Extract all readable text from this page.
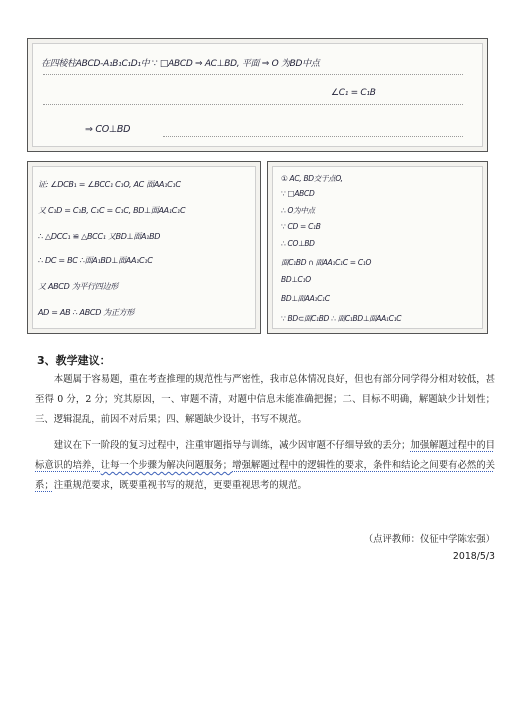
在四棱柱ABCD-A₁B₁C₁D₁中 ∵ □ABCD ⇒ AC⊥BD, 平面 ⇒ O 为BD中点
∠C₁ = C₁B
⇒ CO⊥BD
证: ∠DCB₁ = ∠BCC₁ C₁O, AC 面AA₁C₁C
又 C₁D = C₁B, C₁C = C₁C, BD⊥面AA₁C₁C
∴ △DCC₁ ≌ △BCC₁ 又BD⊥面A₁BD
∴ DC = BC ∴面A₁BD⊥面AA₁C₁C
又 ABCD 为平行四边形
AD = AB ∴ ABCD 为正方形
① AC, BD交于点O,
∵ □ABCD
∴ O为中点
∵ CD = C₁B
∴ CO⊥BD
面C₁BD ∩ 面AA₁C₁C = C₁O
BD⊥C₁O
BD⊥面AA₁C₁C
∵ BD⊂面C₁BD ∴ 面C₁BD⊥面AA₁C₁C
3、教学建议：
本题属于容易题，重在考查推理的规范性与严密性，我市总体情况良好，但也有部分同学得分相对较低，甚至得 0 分，2 分；究其原因，一、审题不清，对题中信息未能准确把握；二、目标不明确，解题缺少计划性；三、逻辑混乱，前因不对后果；四、解题缺少设计，书写不规范。
建议在下一阶段的复习过程中，注重审题指导与训练，减少因审题不仔细导致的丢分；加强解题过程中的目标意识的培养，让每一个步骤为解决问题服务；增强解题过程中的逻辑性的要求，条件和结论之间要有必然的关系；注重规范要求，既要重视书写的规范，更要重视思考的规范。
（点评教师：仪征中学陈宏强）
2018/5/3
